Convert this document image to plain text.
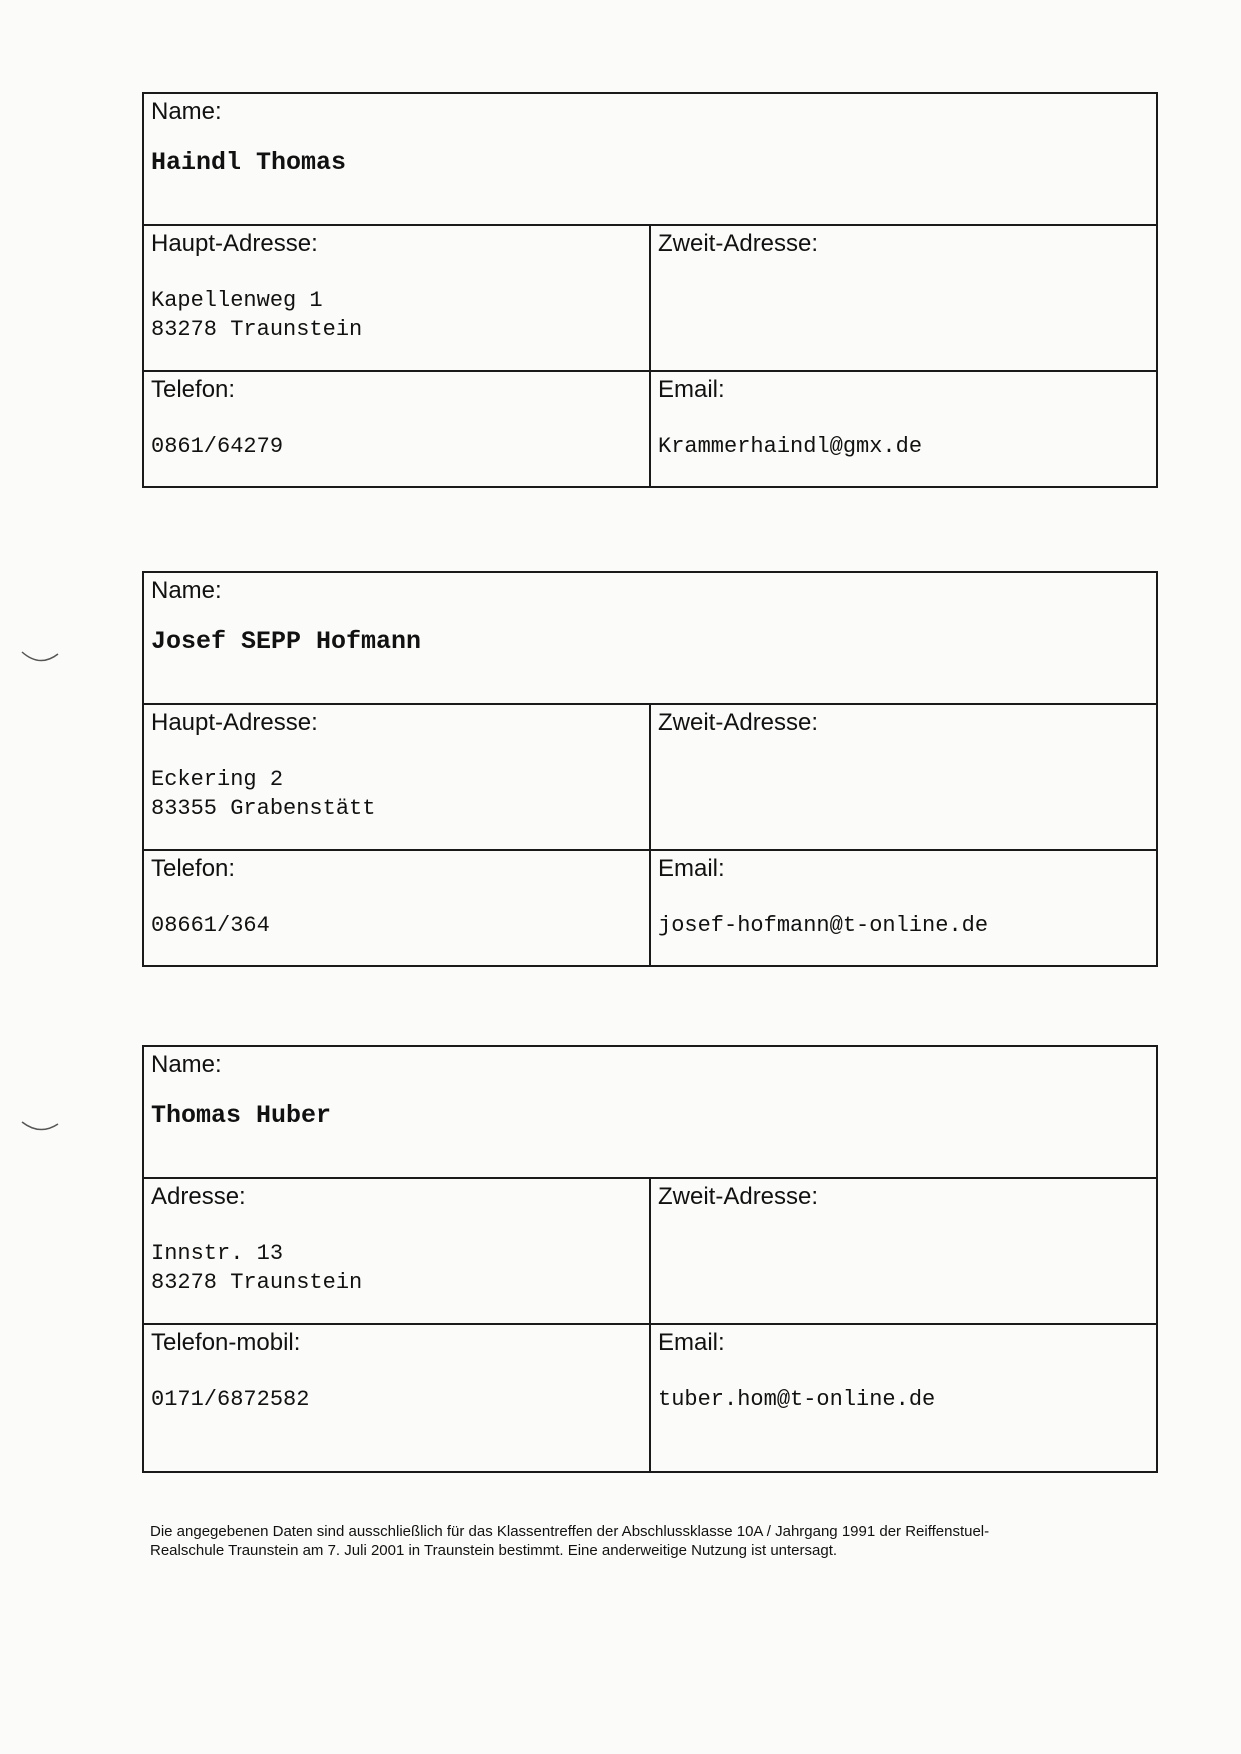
Name:
Haindl Thomas
Haupt-Adresse:
Kapellenweg 1
83278 Traunstein
Zweit-Adresse:
Telefon:
0861/64279
Email:
Krammerhaindl@gmx.de
Name:
Josef SEPP Hofmann
Haupt-Adresse:
Eckering 2
83355 Grabenstätt
Zweit-Adresse:
Telefon:
08661/364
Email:
josef-hofmann@t-online.de
Name:
Thomas Huber
Adresse:
Innstr. 13
83278 Traunstein
Zweit-Adresse:
Telefon-mobil:
0171/6872582
Email:
tuber.hom@t-online.de
Die angegebenen Daten sind ausschließlich für das Klassentreffen der Abschlussklasse 10A / Jahrgang 1991 der Reiffenstuel-
Realschule Traunstein am 7. Juli 2001 in Traunstein bestimmt. Eine anderweitige Nutzung ist untersagt.
